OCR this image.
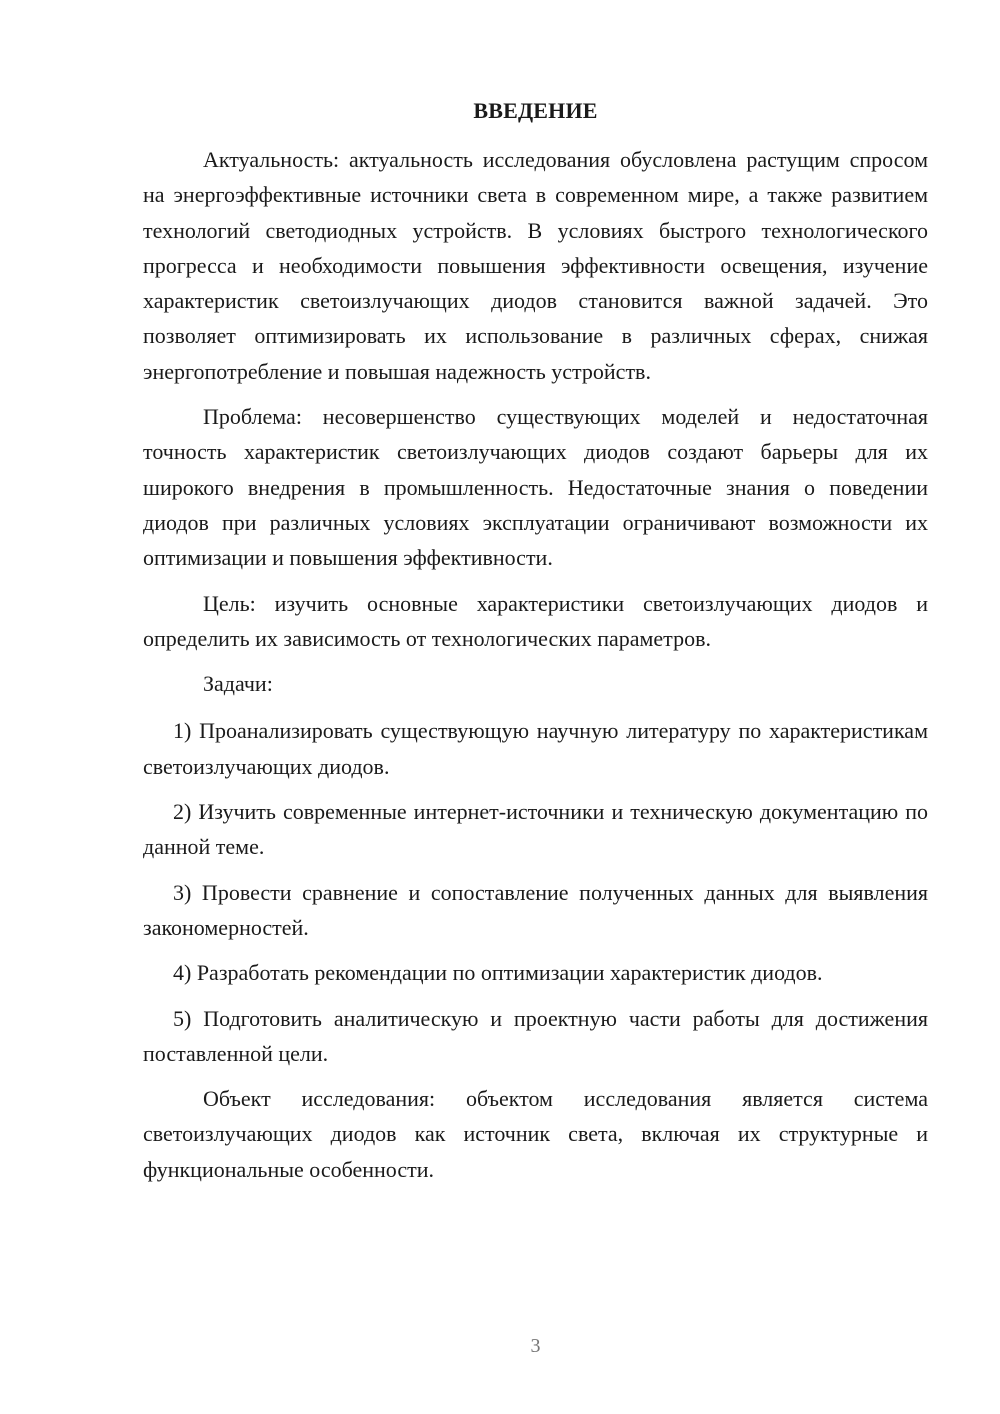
ВВЕДЕНИЕ

Актуальность: актуальность исследования обусловлена растущим спросом на энергоэффективные источники света в современном мире, а также развитием технологий светодиодных устройств. В условиях быстрого технологического прогресса и необходимости повышения эффективности освещения, изучение характеристик светоизлучающих диодов становится важной задачей. Это позволяет оптимизировать их использование в различных сферах, снижая энергопотребление и повышая надежность устройств.

Проблема: несовершенство существующих моделей и недостаточная точность характеристик светоизлучающих диодов создают барьеры для их широкого внедрения в промышленность. Недостаточные знания о поведении диодов при различных условиях эксплуатации ограничивают возможности их оптимизации и повышения эффективности.

Цель: изучить основные характеристики светоизлучающих диодов и определить их зависимость от технологических параметров.

Задачи:

1) Проанализировать существующую научную литературу по характеристикам светоизлучающих диодов.

2) Изучить современные интернет-источники и техническую документацию по данной теме.

3) Провести сравнение и сопоставление полученных данных для выявления закономерностей.

4) Разработать рекомендации по оптимизации характеристик диодов.

5) Подготовить аналитическую и проектную части работы для достижения поставленной цели.

Объект исследования: объектом исследования является система светоизлучающих диодов как источник света, включая их структурные и функциональные особенности.

3
